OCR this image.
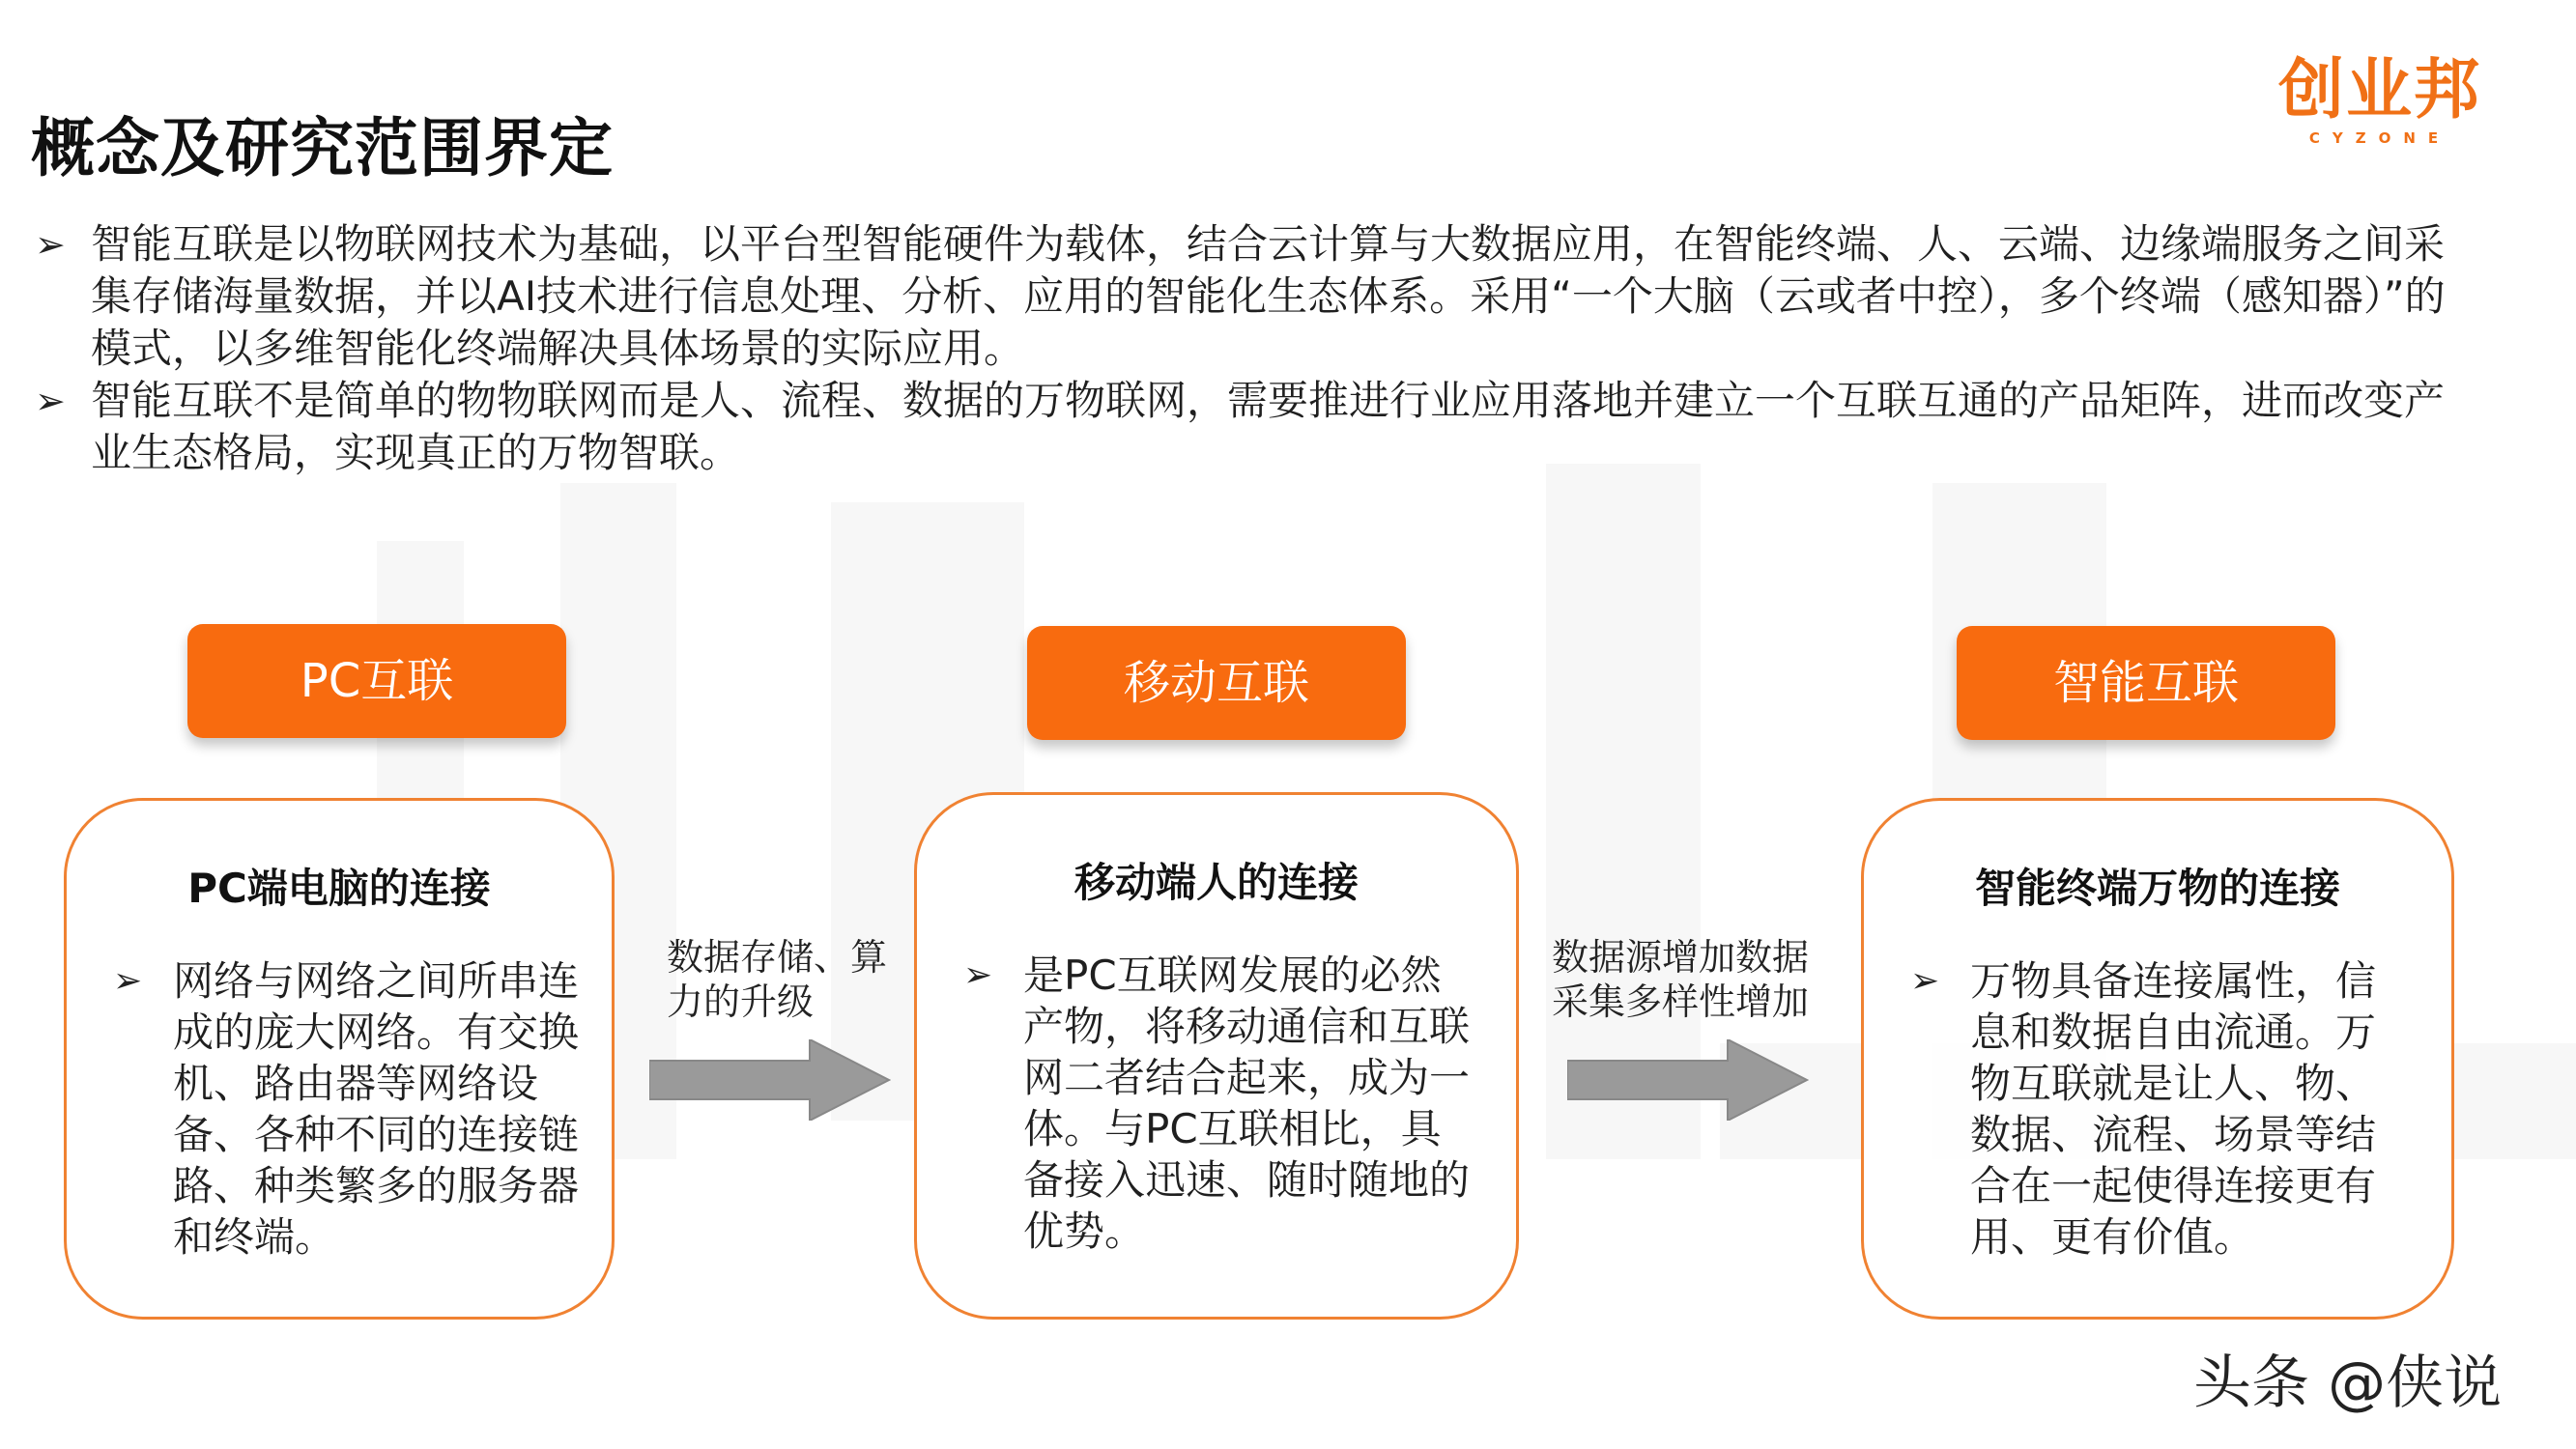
概念及研究范围界定
创业邦
CYZONE
➢ 智能互联是以物联网技术为基础，以平台型智能硬件为载体，结合云计算与大数据应用，在智能终端、人、云端、边缘端服务之间采集存储海量数据，并以AI技术进行信息处理、分析、应用的智能化生态体系。采用“一个大脑（云或者中控），多个终端（感知器）”的模式，以多维智能化终端解决具体场景的实际应用。
➢ 智能互联不是简单的物物联网而是人、流程、数据的万物联网，需要推进行业应用落地并建立一个互联互通的产品矩阵，进而改变产业生态格局，实现真正的万物智联。
PC互联	移动互联	智能互联
PC端电脑的连接
➢ 网络与网络之间所串连成的庞大网络。有交换机、路由器等网络设备、各种不同的连接链路、种类繁多的服务器和终端。
移动端人的连接
➢ 是PC互联网发展的必然产物，将移动通信和互联网二者结合起来，成为一体。与PC互联相比，具备接入迅速、随时随地的优势。
智能终端万物的连接
➢ 万物具备连接属性，信息和数据自由流通。万物互联就是让人、物、数据、流程、场景等结合在一起使得连接更有用、更有价值。
数据存储、算力的升级
数据源增加数据采集多样性增加
头条 @侠说
